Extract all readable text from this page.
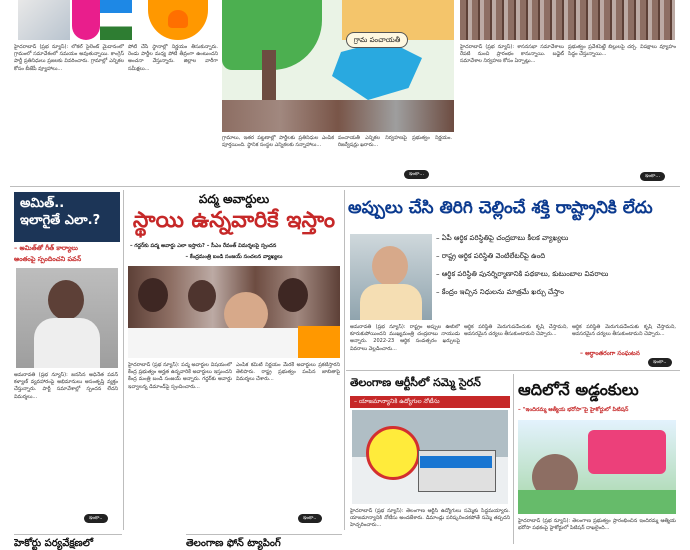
హైదరాబాద్ (ప్రభ న్యూస్): లోకల్ సైలెంట్ మైదానంలో గ్రామంలో సమావేశంలో సమయం అవుతున్నాయి. కాంగ్రెస్ పార్టీ ప్రతినిధులు ప్రజలకు వివరించారు. గ్రామాల్లో ఎన్నికల కోసం బీజేపీ వ్యూహాలు...
పోటీ చేసే స్థానాల్లో నిర్ణయం తీసుకున్నారు. రెండు పార్టీల మధ్య పోటీ తీవ్రంగా ఉంటుందని అంచనా వేస్తున్నారు. జిల్లాల వారీగా సమీక్షలు...
గ్రామ పంచాయతీ
గ్రామాలు, ఇతర పట్టణాల్లో పార్టీలకు ప్రతినిధుల ఎంపిక పూర్తయింది. స్థానిక సంస్థల ఎన్నికలకు సన్నాహాలు...
పంచాయతీ ఎన్నికల నిర్వహణపై ప్రభుత్వం నిర్ణయం. రిజర్వేషన్లు ఖరారు...
ఇంకా...
హైదరాబాద్ (ప్రభ న్యూస్): శాసనసభా సమావేశాలు రేపటి నుంచి ప్రారంభం కానున్నాయి. బడ్జెట్ సమావేశాల నిర్వహణ కోసం ఏర్పాట్లు...
ప్రభుత్వం ప్రవేశపెట్టే బిల్లులపై చర్చ. విపక్షాలు వ్యూహం సిద్ధం చేస్తున్నాయి...
ఇంకా...
అమిత్..
ఇలాగైతే ఎలా.?
– అమిత్‌తో గీత్ కార్యాలు
అంతంపై స్పందించని పవన్
అమరావతి (ప్రభ న్యూస్): జనసేన అధినేత పవన్ కళ్యాణ్ వ్యవహారంపై అభిమానులు అసంతృప్తి వ్యక్తం చేస్తున్నారు. పార్టీ సమావేశాల్లో స్పందన లేదని విమర్శలు...
ఇంకా..
పద్మ అవార్డులు
స్థాయి ఉన్నవారికే ఇస్తాం
– గద్దర్‌కు పద్మ అవార్డు ఎలా ఇస్తారు? – సీఎం రేవంత్ విమర్శలపై స్పందన
– కేంద్రమంత్రి బండి సంజయ్ సంచలన వ్యాఖ్యలు
హైదరాబాద్ (ప్రభ న్యూస్): పద్మ అవార్డుల విషయంలో కేంద్ర ప్రభుత్వం అర్హత ఉన్నవారికే అవార్డులు ఇస్తుందని కేంద్ర మంత్రి బండి సంజయ్ అన్నారు. గద్దర్‌కు అవార్డు ఇవ్వాలన్న డిమాండ్‌పై స్పందించారు...
ఎంపిక కమిటీ నిర్ణయం మేరకే అవార్డులు ప్రకటిస్తారని తెలిపారు. రాష్ట్ర ప్రభుత్వం పంపిన జాబితాపై విమర్శలు చేశారు...
ఇంకా..
అప్పులు చేసి తిరిగి చెల్లించే శక్తి రాష్ట్రానికి లేదు
– ఏపీ ఆర్థిక పరిస్థితిపై చంద్రబాబు కీలక వ్యాఖ్యలు
– రాష్ట్ర ఆర్థిక పరిస్థితి వెంటిలేటర్‌పై ఉంది
– ఆర్థిక పరిస్థితి పునర్నిర్మాణానికి పథకాలు, కుటుంబాల వివరాలు
– కేంద్రం ఇచ్చిన నిధులను మాత్రమే ఖర్చు చేస్తాం
అమరావతి (ప్రభ న్యూస్): రాష్ట్రం అప్పుల ఊబిలో కూరుకుపోయిందని ముఖ్యమంత్రి చంద్రబాబు నాయుడు అన్నారు. 2022-23 ఆర్థిక సంవత్సరం ఖర్చులపై వివరాలు వెల్లడించారు...
ఆర్థిక పరిస్థితి మెరుగుపడేందుకు కృషి చేస్తామని, అవసరమైన చర్యలు తీసుకుంటామని చెప్పారు...
ఆర్థిక పరిస్థితి మెరుగుపడేందుకు కృషి చేస్తామని, అవసరమైన చర్యలు తీసుకుంటామని చెప్పారు...
– అర్ధాంతరంగా సంఘటన
ఇంకా..
తెలంగాణ ఆర్టీసీలో సమ్మె సైరన్
– యాజమాన్యానికి ఉద్యోగుల నోటీసు
హైదరాబాద్ (ప్రభ న్యూస్): తెలంగాణ ఆర్టీసీ ఉద్యోగులు సమ్మెకు సిద్ధమయ్యారు. యాజమాన్యానికి నోటీసు అందజేశారు. డిమాండ్లు పరిష్కరించకపోతే సమ్మె తప్పదని హెచ్చరించారు...
ఆదిలోనే అడ్డంకులు
– "ఇందిరమ్మ ఆత్మీయ భరోసా"పై హైకోర్టులో పిటిషన్
హైదరాబాద్ (ప్రభ న్యూస్): తెలంగాణ ప్రభుత్వం ప్రారంభించిన ఇందిరమ్మ ఆత్మీయ భరోసా పథకంపై హైకోర్టులో పిటిషన్ దాఖలైంది...
హెకోర్టు పర్యవేక్షణలో	తెలంగాణ ఫోన్ ట్యాపింగ్
